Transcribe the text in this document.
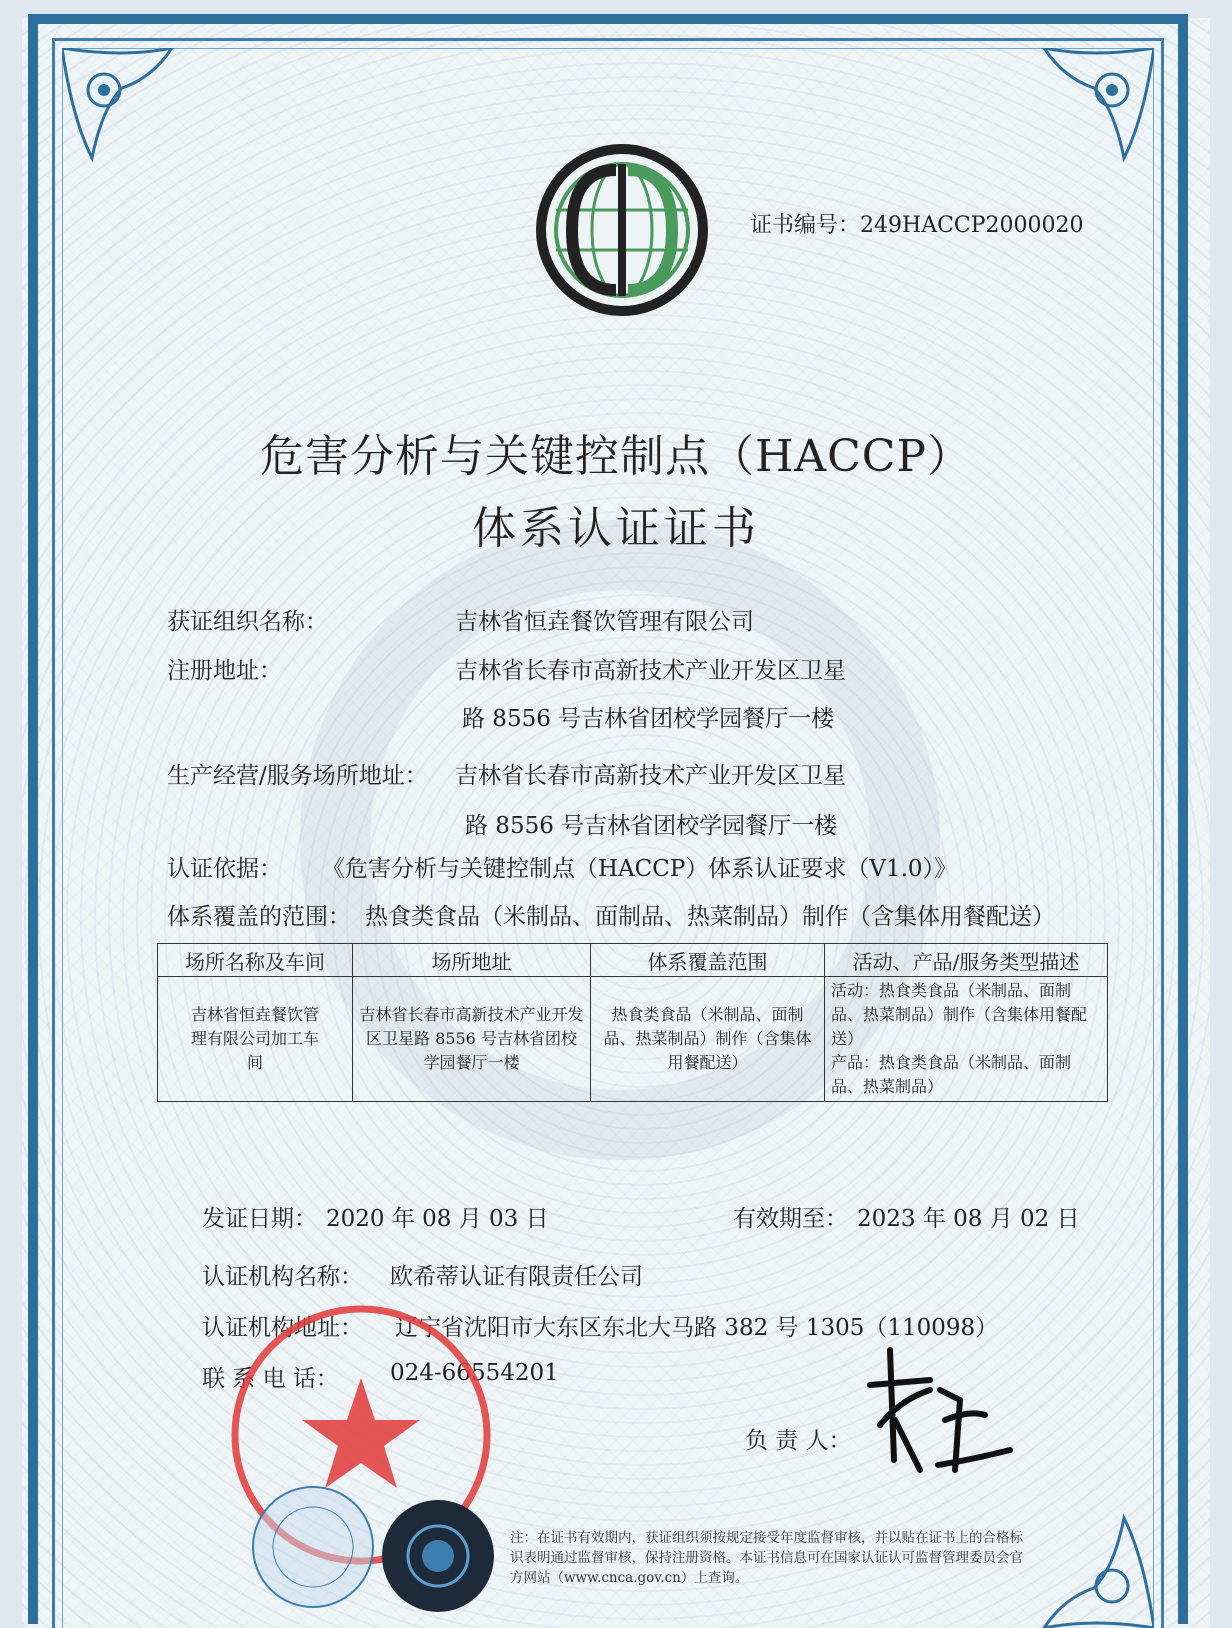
证书编号：249HACCP2000020
危害分析与关键控制点（HACCP）
体系认证证书
获证组织名称：	吉林省恒垚餐饮管理有限公司
注册地址：	吉林省长春市高新技术产业开发区卫星
路 8556 号吉林省团校学园餐厅一楼
生产经营/服务场所地址： 吉林省长春市高新技术产业开发区卫星
路 8556 号吉林省团校学园餐厅一楼
认证依据： 《危害分析与关键控制点（HACCP）体系认证要求（V1.0）》
体系覆盖的范围： 热食类食品（米制品、面制品、热菜制品）制作（含集体用餐配送）
场所名称及车间	场所地址	体系覆盖范围	活动、产品/服务类型描述
吉林省恒垚餐饮管理有限公司加工车间	吉林省长春市高新技术产业开发区卫星路 8556 号吉林省团校学园餐厅一楼	热食类食品（米制品、面制品、热菜制品）制作（含集体用餐配送）	活动：热食类食品（米制品、面制品、热菜制品）制作（含集体用餐配送）
产品：热食类食品（米制品、面制品、热菜制品）
发证日期： 2020 年 08 月 03 日	有效期至： 2023 年 08 月 02 日
认证机构名称： 欧希蒂认证有限责任公司
认证机构地址： 辽宁省沈阳市大东区东北大马路 382 号 1305（110098）
联 系 电 话： 024-66554201
负 责 人：
注：在证书有效期内，获证组织须按规定接受年度监督审核，并以贴在证书上的合格标识表明通过监督审核，保持注册资格。本证书信息可在国家认证认可监督管理委员会官方网站（www.cnca.gov.cn）上查询。
